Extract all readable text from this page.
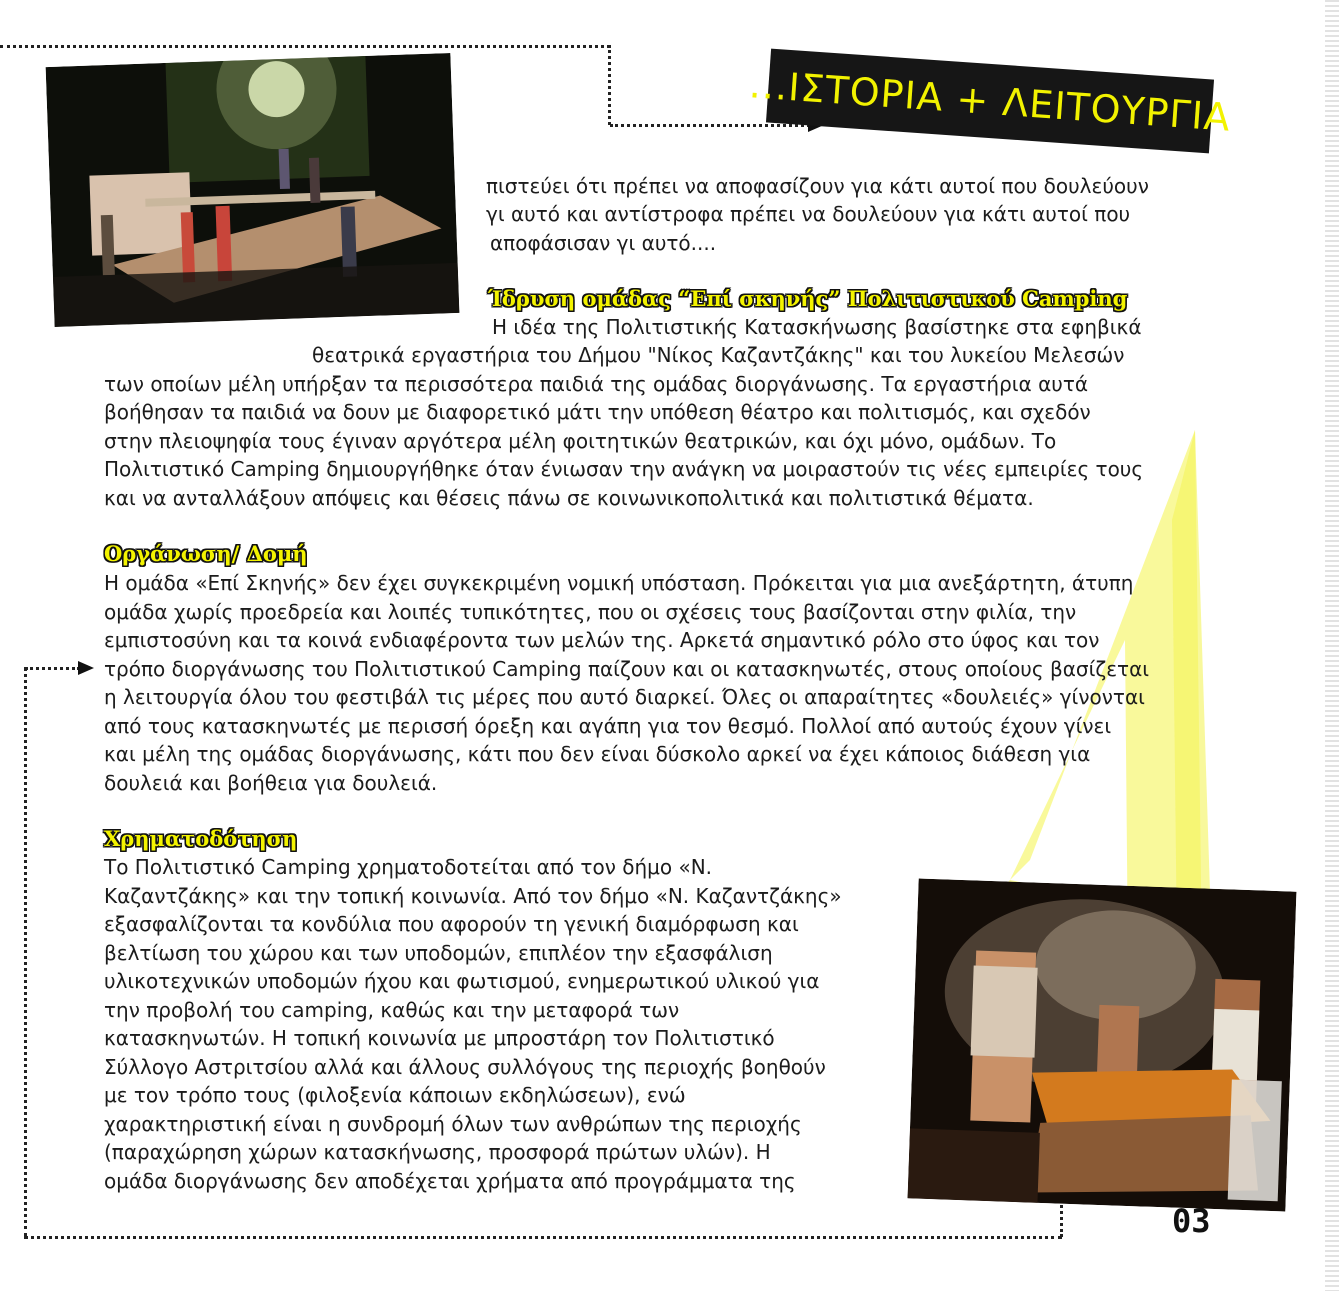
...ΙΣΤΟΡΙΑ + ΛΕΙΤΟΥΡΓΙΑ
πιστεύει ότι πρέπει να αποφασίζουν για κάτι αυτοί που δουλεύουν
γι αυτό και αντίστροφα πρέπει να δουλεύουν για κάτι αυτοί που
αποφάσισαν γι αυτό....
Ίδρυση ομάδας “Επί σκηνής” Πολιτιστικού Camping
Η ιδέα της Πολιτιστικής Κατασκήνωσης βασίστηκε στα εφηβικά
θεατρικά εργαστήρια του Δήμου "Νίκος Καζαντζάκης" και του λυκείου Μελεσών
των οποίων μέλη υπήρξαν τα περισσότερα παιδιά της ομάδας διοργάνωσης. Τα εργαστήρια αυτά
βοήθησαν τα παιδιά να δουν με διαφορετικό μάτι την υπόθεση θέατρο και πολιτισμός, και σχεδόν
στην πλειοψηφία τους έγιναν αργότερα μέλη φοιτητικών θεατρικών, και όχι μόνο, ομάδων. Το
Πολιτιστικό Camping δημιουργήθηκε όταν ένιωσαν την ανάγκη να μοιραστούν τις νέες εμπειρίες τους
και να ανταλλάξουν απόψεις και θέσεις πάνω σε κοινωνικοπολιτικά και πολιτιστικά θέματα.
Οργάνωση/ Δομή
Η ομάδα «Επί Σκηνής» δεν έχει συγκεκριμένη νομική υπόσταση. Πρόκειται για μια ανεξάρτητη, άτυπη
ομάδα χωρίς προεδρεία και λοιπές τυπικότητες, που οι σχέσεις τους βασίζονται στην φιλία, την
εμπιστοσύνη και τα κοινά ενδιαφέροντα των μελών της. Αρκετά σημαντικό ρόλο στο ύφος και τον
τρόπο διοργάνωσης του Πολιτιστικού Camping παίζουν και οι κατασκηνωτές, στους οποίους βασίζεται
η λειτουργία όλου του φεστιβάλ τις μέρες που αυτό διαρκεί. Όλες οι απαραίτητες «δουλειές» γίνονται
από τους κατασκηνωτές με περισσή όρεξη και αγάπη για τον θεσμό. Πολλοί από αυτούς έχουν γίνει
και μέλη της ομάδας διοργάνωσης, κάτι που δεν είναι δύσκολο αρκεί να έχει κάποιος διάθεση για
δουλειά και βοήθεια για δουλειά.
Χρηματοδότηση
Το Πολιτιστικό Camping χρηματοδοτείται από τον δήμο «Ν.
Καζαντζάκης» και την τοπική κοινωνία. Από τον δήμο «Ν. Καζαντζάκης»
εξασφαλίζονται τα κονδύλια που αφορούν τη γενική διαμόρφωση και
βελτίωση του χώρου και των υποδομών, επιπλέον την εξασφάλιση
υλικοτεχνικών υποδομών ήχου και φωτισμού, ενημερωτικού υλικού για
την προβολή του camping, καθώς και την μεταφορά των
κατασκηνωτών. Η τοπική κοινωνία με μπροστάρη τον Πολιτιστικό
Σύλλογο Αστριτσίου αλλά και άλλους συλλόγους της περιοχής βοηθούν
με τον τρόπο τους (φιλοξενία κάποιων εκδηλώσεων), ενώ
χαρακτηριστική είναι η συνδρομή όλων των ανθρώπων της περιοχής
(παραχώρηση χώρων κατασκήνωσης, προσφορά πρώτων υλών). Η
ομάδα διοργάνωσης δεν αποδέχεται χρήματα από προγράμματα της
03
